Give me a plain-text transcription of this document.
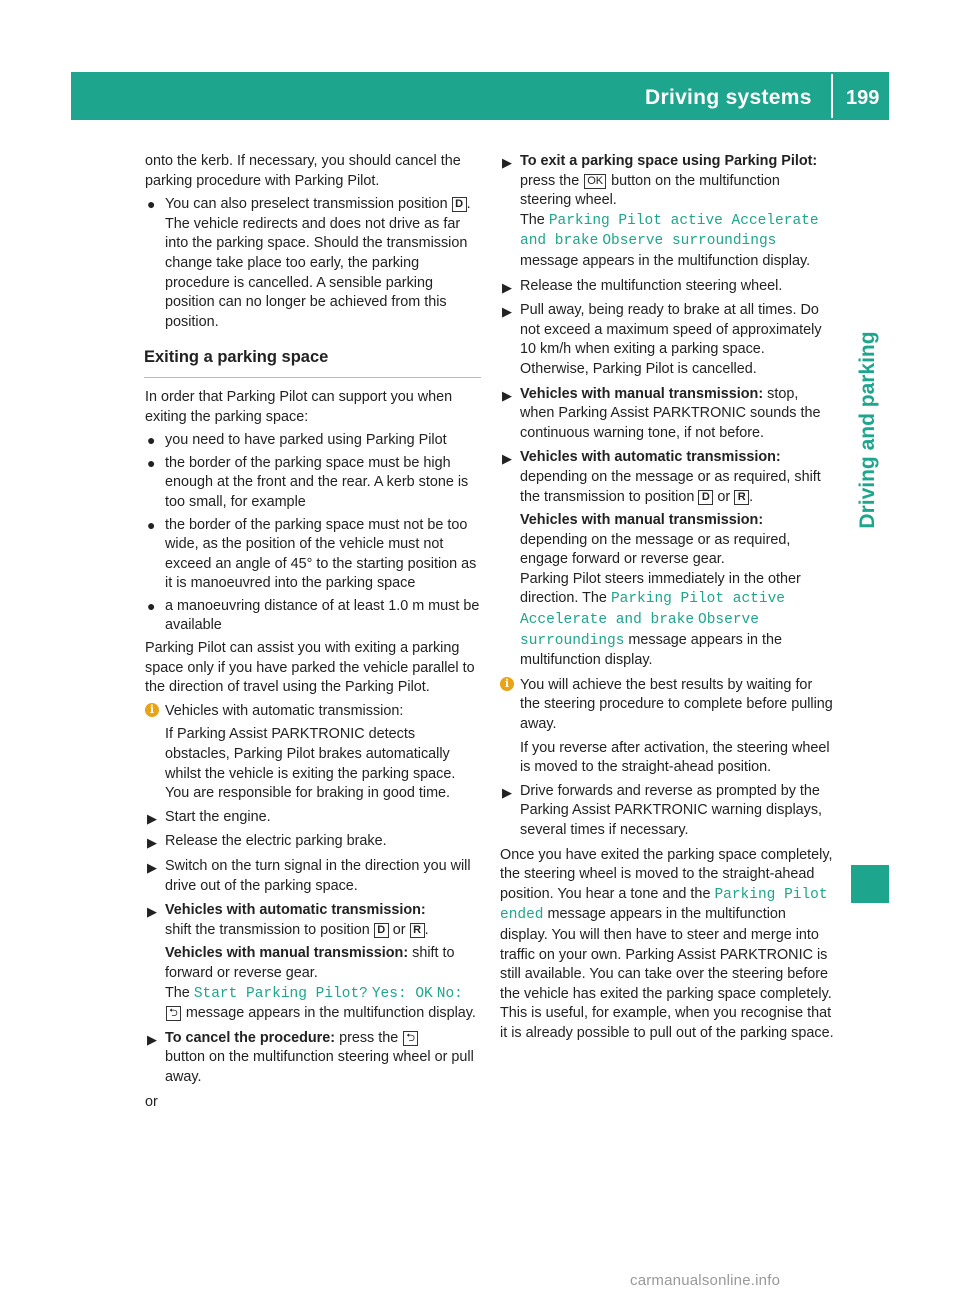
Driving systems 199
Driving and parking

onto the kerb. If necessary, you should cancel the parking procedure with Parking Pilot.

● You can also preselect transmission position D . The vehicle redirects and does not drive as far into the parking space. Should the transmission change take place too early, the parking procedure is cancelled. A sensible parking position can no longer be achieved from this position.
Exiting a parking space

In order that Parking Pilot can support you when exiting the parking space:

● you need to have parked using Parking Pilot
● the border of the parking space must be high enough at the front and the rear. A kerb stone is too small, for example
● the border of the parking space must not be too wide, as the position of the vehicle must not exceed an angle of 45° to the starting position as it is manoeuvred into the parking space
● a manoeuvring distance of at least 1.0 m must be available

Parking Pilot can assist you with exiting a parking space only if you have parked the vehicle parallel to the direction of travel using the Parking Pilot.

i Vehicles with automatic transmission:

If Parking Assist PARKTRONIC detects obstacles, Parking Pilot brakes automatically whilst the vehicle is exiting the parking space. You are responsible for braking in good time.

▶ Start the engine.
▶ Release the electric parking brake.
▶ Switch on the turn signal in the direction you will drive out of the parking space.
▶ Vehicles with automatic transmission:
shift the transmission to position D or R .
Vehicles with manual transmission: shift to forward or reverse gear.
The Start Parking Pilot? Yes: OK No:
⮌ message appears in the multifunction display.
▶ To cancel the procedure: press the ⮌
button on the multifunction steering wheel or pull away.

or

▶ To exit a parking space using Parking Pilot: press the OK button on the multifunction steering wheel.
The Parking Pilot active Accelerate and brake Observe surroundings message appears in the multifunction display.
▶ Release the multifunction steering wheel.
▶ Pull away, being ready to brake at all times. Do not exceed a maximum speed of approximately 10 km/h when exiting a parking space. Otherwise, Parking Pilot is cancelled.
▶ Vehicles with manual transmission: stop, when Parking Assist PARKTRONIC sounds the continuous warning tone, if not before.
▶ Vehicles with automatic transmission:
depending on the message or as required, shift the transmission to position D or R .
Vehicles with manual transmission:
depending on the message or as required, engage forward or reverse gear.
Parking Pilot steers immediately in the other direction. The Parking Pilot active Accelerate and brake Observe surroundings message appears in the multifunction display.
i You will achieve the best results by waiting for the steering procedure to complete before pulling away.

If you reverse after activation, the steering wheel is moved to the straight-ahead position.

▶ Drive forwards and reverse as prompted by the Parking Assist PARKTRONIC warning displays, several times if necessary.

Once you have exited the parking space completely, the steering wheel is moved to the straight-ahead position. You hear a tone and the Parking Pilot ended message appears in the multifunction display. You will then have to steer and merge into traffic on your own. Parking Assist PARKTRONIC is still available. You can take over the steering before the vehicle has exited the parking space completely. This is useful, for example, when you recognise that it is already possible to pull out of the parking space.

carmanualsonline.info
